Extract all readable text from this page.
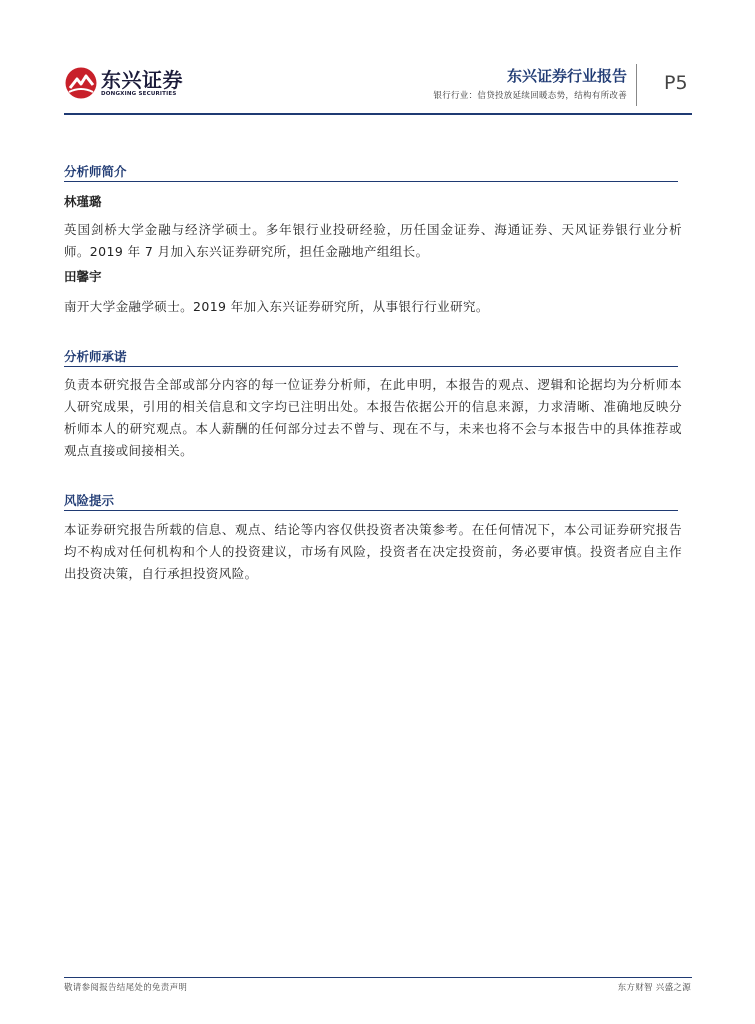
东兴证券
DONGXING SECURITIES
东兴证券行业报告
银行行业：信贷投放延续回暖态势，结构有所改善
P5
分析师简介
林瑾璐
英国剑桥大学金融与经济学硕士。多年银行业投研经验，历任国金证券、海通证券、天风证券银行业分析师。2019 年 7 月加入东兴证券研究所，担任金融地产组组长。
田馨宇
南开大学金融学硕士。2019 年加入东兴证券研究所，从事银行行业研究。
分析师承诺
负责本研究报告全部或部分内容的每一位证券分析师，在此申明，本报告的观点、逻辑和论据均为分析师本人研究成果，引用的相关信息和文字均已注明出处。本报告依据公开的信息来源，力求清晰、准确地反映分析师本人的研究观点。本人薪酬的任何部分过去不曾与、现在不与，未来也将不会与本报告中的具体推荐或观点直接或间接相关。
风险提示
本证券研究报告所载的信息、观点、结论等内容仅供投资者决策参考。在任何情况下，本公司证券研究报告均不构成对任何机构和个人的投资建议，市场有风险，投资者在决定投资前，务必要审慎。投资者应自主作出投资决策，自行承担投资风险。
敬请参阅报告结尾处的免责声明	东方财智 兴盛之源
